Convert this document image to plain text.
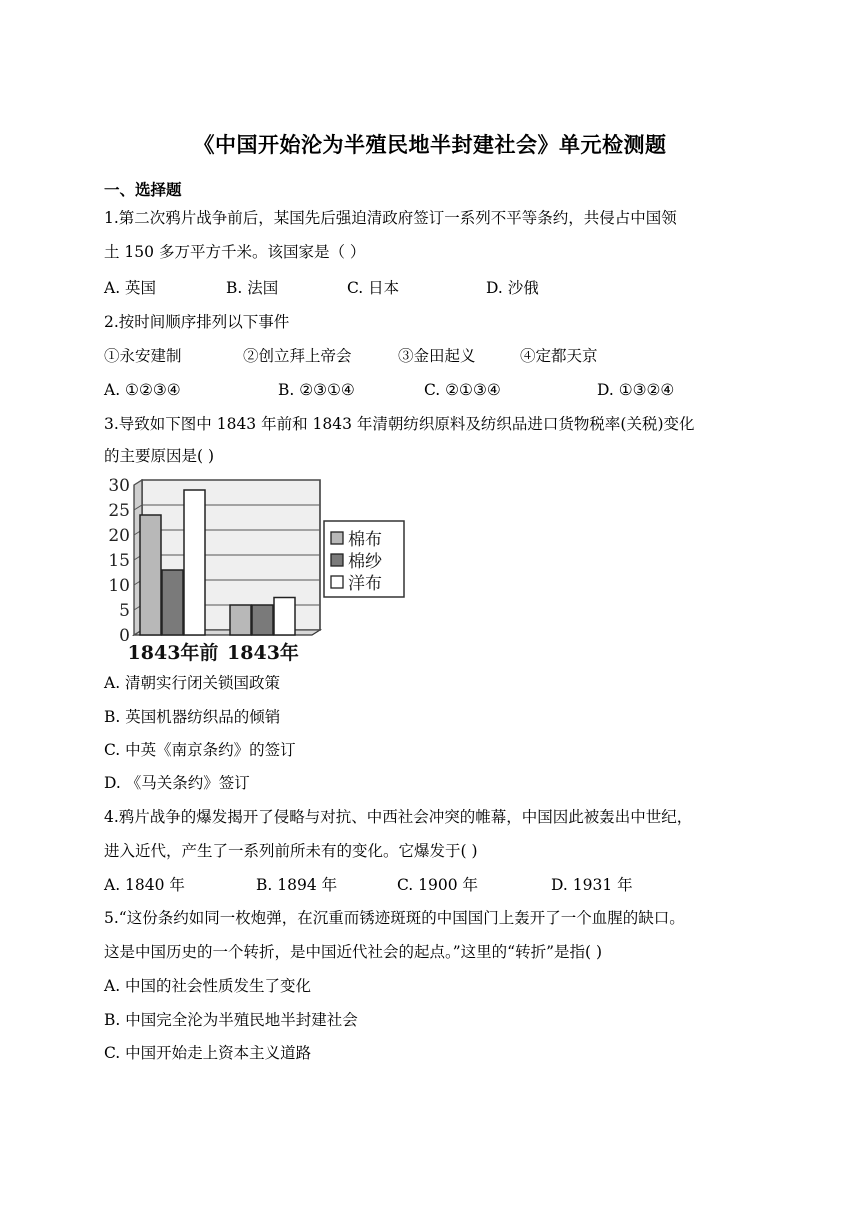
《中国开始沦为半殖民地半封建社会》单元检测题
一、选择题
1.第二次鸦片战争前后，某国先后强迫清政府签订一系列不平等条约，共侵占中国领
土 150 多万平方千米。该国家是（ ）
A. 英国	B. 法国	C. 日本	D. 沙俄
2.按时间顺序排列以下事件
①永安建制	②创立拜上帝会	③金田起义	④定都天京
A. ①②③④	B. ②③①④	C. ②①③④	D. ①③②④
3.导致如下图中 1843 年前和 1843 年清朝纺织原料及纺织品进口货物税率(关税)变化
的主要原因是( )
0
5
10
15
20
25
30
1843年前 1843年
棉布
棉纱
洋布
A. 清朝实行闭关锁国政策
B. 英国机器纺织品的倾销
C. 中英《南京条约》的签订
D. 《马关条约》签订
4.鸦片战争的爆发揭开了侵略与对抗、中西社会冲突的帷幕，中国因此被轰出中世纪，
进入近代，产生了一系列前所未有的变化。它爆发于( )
A. 1840 年	B. 1894 年	C. 1900 年	D. 1931 年
5.“这份条约如同一枚炮弹，在沉重而锈迹斑斑的中国国门上轰开了一个血腥的缺口。
这是中国历史的一个转折，是中国近代社会的起点。”这里的“转折”是指( )
A. 中国的社会性质发生了变化
B. 中国完全沦为半殖民地半封建社会
C. 中国开始走上资本主义道路
